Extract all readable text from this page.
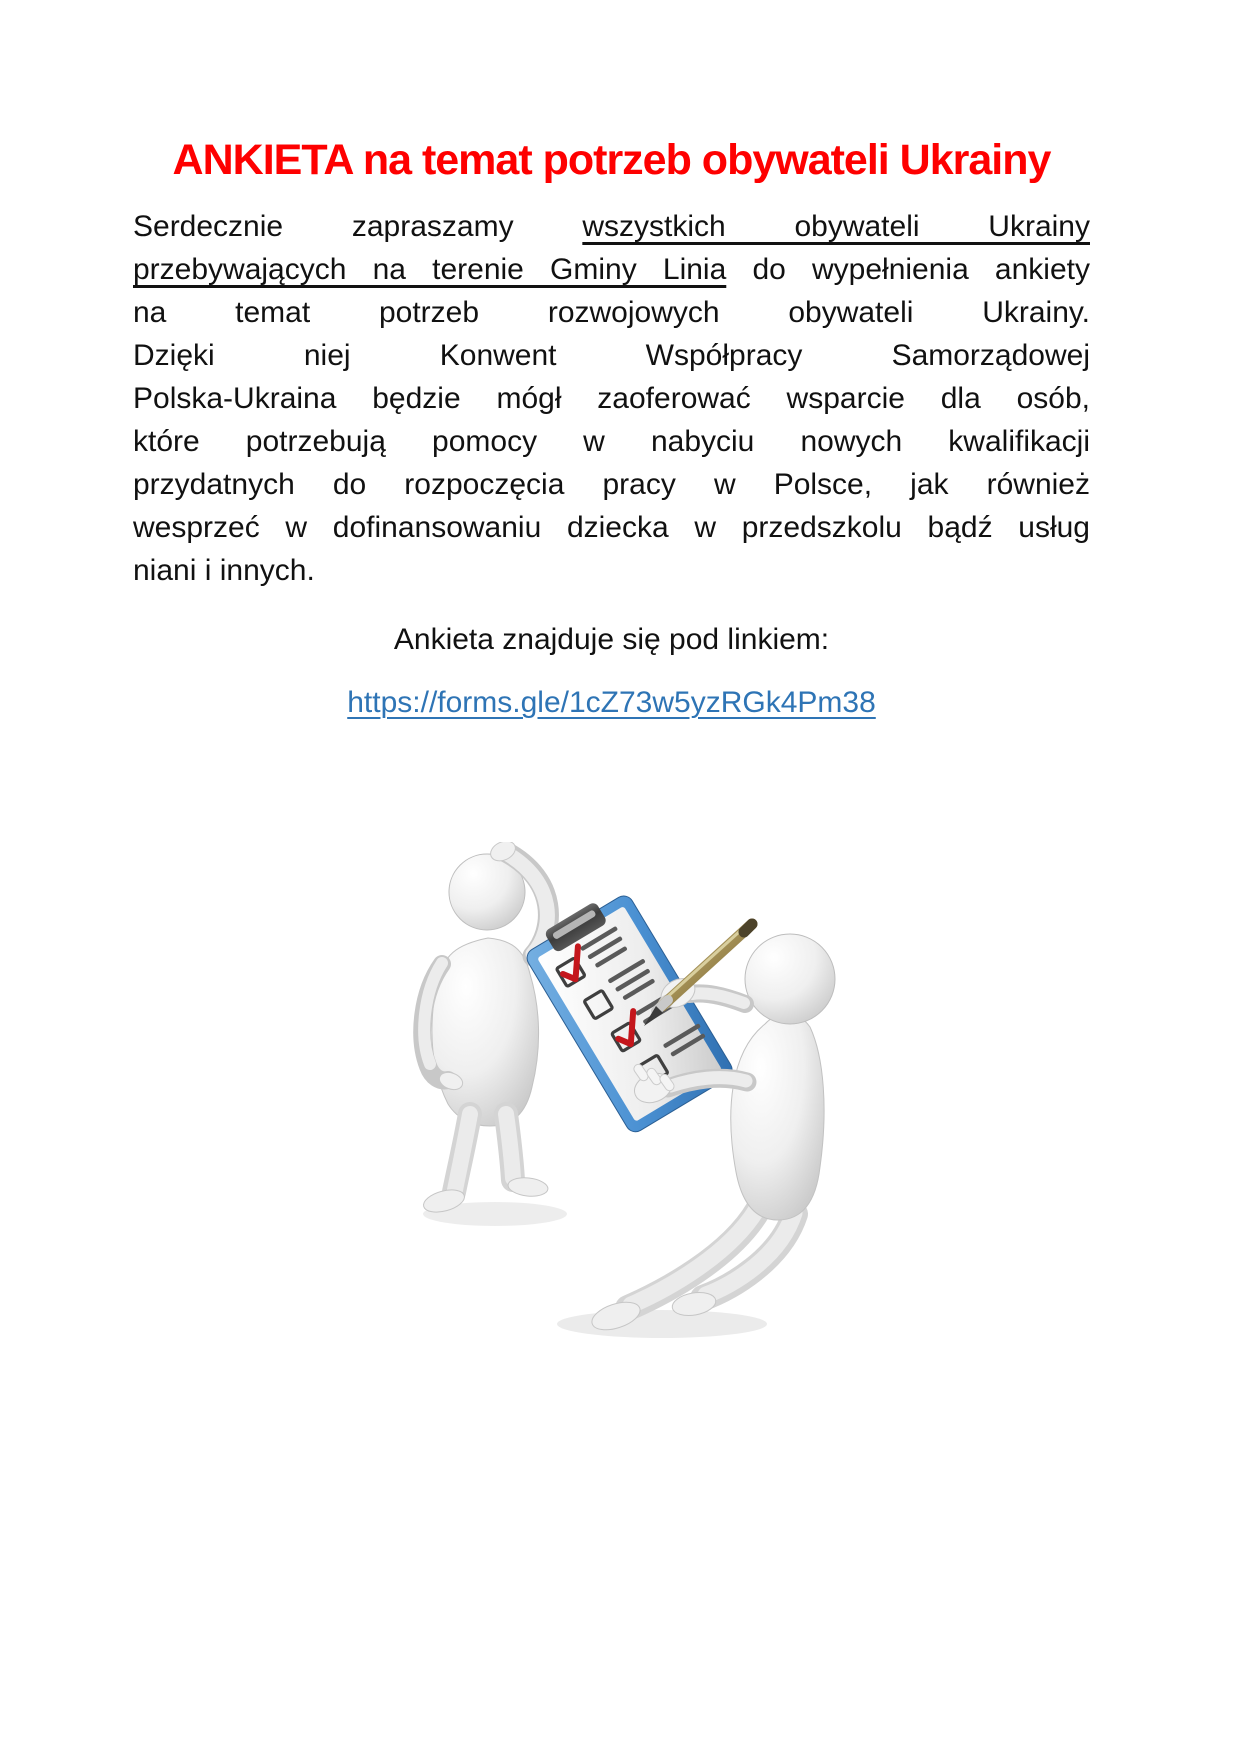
ANKIETA na temat potrzeb obywateli Ukrainy
Serdecznie zapraszamy wszystkich obywateli Ukrainy
przebywających na terenie Gminy Linia do wypełnienia ankiety
na temat potrzeb rozwojowych obywateli Ukrainy.
Dzięki niej Konwent Współpracy Samorządowej
Polska-Ukraina będzie mógł zaoferować wsparcie dla osób,
które potrzebują pomocy w nabyciu nowych kwalifikacji
przydatnych do rozpoczęcia pracy w Polsce, jak również
wesprzeć w dofinansowaniu dziecka w przedszkolu bądź usług
niani i innych.

Ankieta znajduje się pod linkiem:

https://forms.gle/1cZ73w5yzRGk4Pm38
